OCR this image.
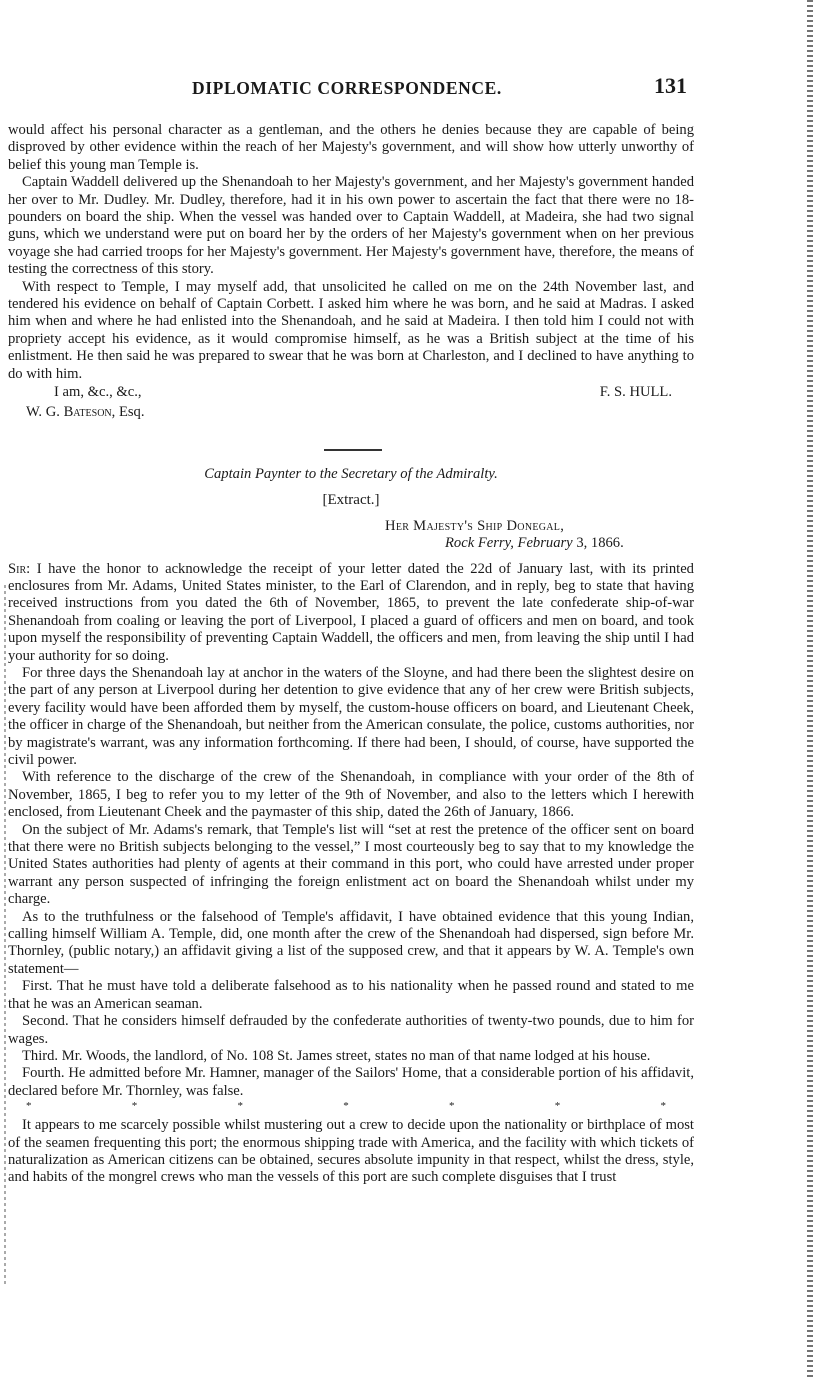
DIPLOMATIC CORRESPONDENCE.	131

would affect his personal character as a gentleman, and the others he denies because they are capable of being disproved by other evidence within the reach of her Majesty's government, and will show how utterly unworthy of belief this young man Temple is.

Captain Waddell delivered up the Shenandoah to her Majesty's government, and her Majesty's government handed her over to Mr. Dudley. Mr. Dudley, therefore, had it in his own power to ascertain the fact that there were no 18-pounders on board the ship. When the vessel was handed over to Captain Waddell, at Madeira, she had two signal guns, which we understand were put on board her by the orders of her Majesty's government when on her previous voyage she had carried troops for her Majesty's government. Her Majesty's government have, therefore, the means of testing the correctness of this story.

With respect to Temple, I may myself add, that unsolicited he called on me on the 24th November last, and tendered his evidence on behalf of Captain Corbett. I asked him where he was born, and he said at Madras. I asked him when and where he had enlisted into the Shenandoah, and he said at Madeira. I then told him I could not with propriety accept his evidence, as it would compromise himself, as he was a British subject at the time of his enlistment. He then said he was prepared to swear that he was born at Charleston, and I declined to have anything to do with him.

I am, &c., &c.,	F. S. HULL.
W. G. Bateson, Esq.
Captain Paynter to the Secretary of the Admiralty.
[Extract.]
Her Majesty's Ship Donegal,
Rock Ferry, February 3, 1866.

Sir: I have the honor to acknowledge the receipt of your letter dated the 22d of January last, with its printed enclosures from Mr. Adams, United States minister, to the Earl of Clarendon, and in reply, beg to state that having received instructions from you dated the 6th of November, 1865, to prevent the late confederate ship-of-war Shenandoah from coaling or leaving the port of Liverpool, I placed a guard of officers and men on board, and took upon myself the responsibility of preventing Captain Waddell, the officers and men, from leaving the ship until I had your authority for so doing.

For three days the Shenandoah lay at anchor in the waters of the Sloyne, and had there been the slightest desire on the part of any person at Liverpool during her detention to give evidence that any of her crew were British subjects, every facility would have been afforded them by myself, the custom-house officers on board, and Lieutenant Cheek, the officer in charge of the Shenandoah, but neither from the American consulate, the police, customs authorities, nor by magistrate's warrant, was any information forthcoming. If there had been, I should, of course, have supported the civil power.

With reference to the discharge of the crew of the Shenandoah, in compliance with your order of the 8th of November, 1865, I beg to refer you to my letter of the 9th of November, and also to the letters which I herewith enclosed, from Lieutenant Cheek and the paymaster of this ship, dated the 26th of January, 1866.

On the subject of Mr. Adams's remark, that Temple's list will “set at rest the pretence of the officer sent on board that there were no British subjects belonging to the vessel,” I most courteously beg to say that to my knowledge the United States authorities had plenty of agents at their command in this port, who could have arrested under proper warrant any person suspected of infringing the foreign enlistment act on board the Shenandoah whilst under my charge.

As to the truthfulness or the falsehood of Temple's affidavit, I have obtained evidence that this young Indian, calling himself William A. Temple, did, one month after the crew of the Shenandoah had dispersed, sign before Mr. Thornley, (public notary,) an affidavit giving a list of the supposed crew, and that it appears by W. A. Temple's own statement—

First. That he must have told a deliberate falsehood as to his nationality when he passed round and stated to me that he was an American seaman.

Second. That he considers himself defrauded by the confederate authorities of twenty-two pounds, due to him for wages.

Third. Mr. Woods, the landlord, of No. 108 St. James street, states no man of that name lodged at his house.

Fourth. He admitted before Mr. Hamner, manager of the Sailors' Home, that a considerable portion of his affidavit, declared before Mr. Thornley, was false.

*	*	*	*	*	*	*

It appears to me scarcely possible whilst mustering out a crew to decide upon the nationality or birthplace of most of the seamen frequenting this port; the enormous shipping trade with America, and the facility with which tickets of naturalization as American citizens can be obtained, secures absolute impunity in that respect, whilst the dress, style, and habits of the mongrel crews who man the vessels of this port are such complete disguises that I trust
